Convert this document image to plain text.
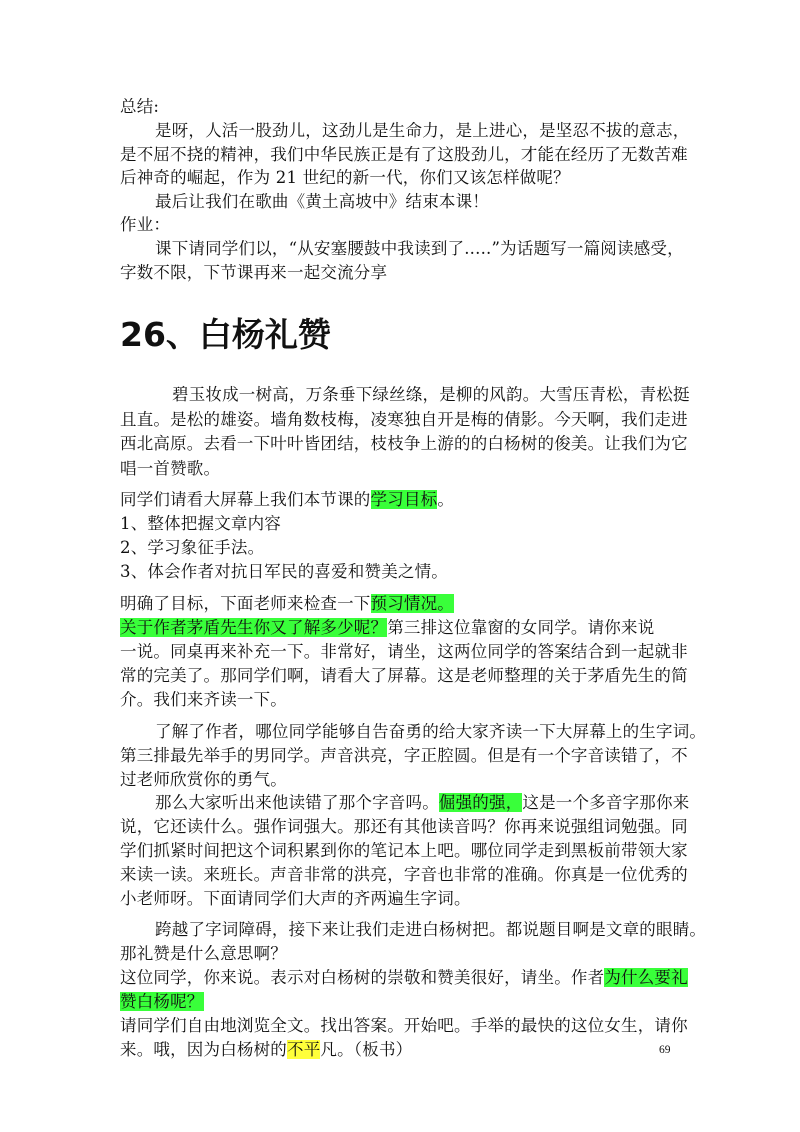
总结:
是呀，人活一股劲儿，这劲儿是生命力，是上进心，是坚忍不拔的意志，
是不屈不挠的精神，我们中华民族正是有了这股劲儿，才能在经历了无数苦难
后神奇的崛起，作为 21 世纪的新一代，你们又该怎样做呢？
最后让我们在歌曲《黄土高坡中》结束本课！
作业：
课下请同学们以，“从安塞腰鼓中我读到了.....”为话题写一篇阅读感受，
字数不限，下节课再来一起交流分享
26、白杨礼赞
碧玉妆成一树高，万条垂下绿丝绦，是柳的风韵。大雪压青松，青松挺
且直。是松的雄姿。墙角数枝梅，凌寒独自开是梅的倩影。今天啊，我们走进
西北高原。去看一下叶叶皆团结，枝枝争上游的的白杨树的俊美。让我们为它
唱一首赞歌。
同学们请看大屏幕上我们本节课的学习目标。
1、整体把握文章内容
2、学习象征手法。
3、体会作者对抗日军民的喜爱和赞美之情。
明确了目标，下面老师来检查一下预习情况。
关于作者茅盾先生你又了解多少呢？第三排这位靠窗的女同学。请你来说
一说。同桌再来补充一下。非常好，请坐，这两位同学的答案结合到一起就非
常的完美了。那同学们啊，请看大了屏幕。这是老师整理的关于茅盾先生的简
介。我们来齐读一下。
了解了作者，哪位同学能够自告奋勇的给大家齐读一下大屏幕上的生字词。
第三排最先举手的男同学。声音洪亮，字正腔圆。但是有一个字音读错了，不
过老师欣赏你的勇气。
那么大家听出来他读错了那个字音吗。倔强的强，这是一个多音字那你来
说，它还读什么。强作词强大。那还有其他读音吗？你再来说强组词勉强。同
学们抓紧时间把这个词积累到你的笔记本上吧。哪位同学走到黑板前带领大家
来读一读。来班长。声音非常的洪亮，字音也非常的准确。你真是一位优秀的
小老师呀。下面请同学们大声的齐两遍生字词。
跨越了字词障碍，接下来让我们走进白杨树把。都说题目啊是文章的眼睛。
那礼赞是什么意思啊？
这位同学，你来说。表示对白杨树的崇敬和赞美很好，请坐。作者为什么要礼
赞白杨呢？
请同学们自由地浏览全文。找出答案。开始吧。手举的最快的这位女生，请你
来。哦，因为白杨树的不平凡。（板书）	69
